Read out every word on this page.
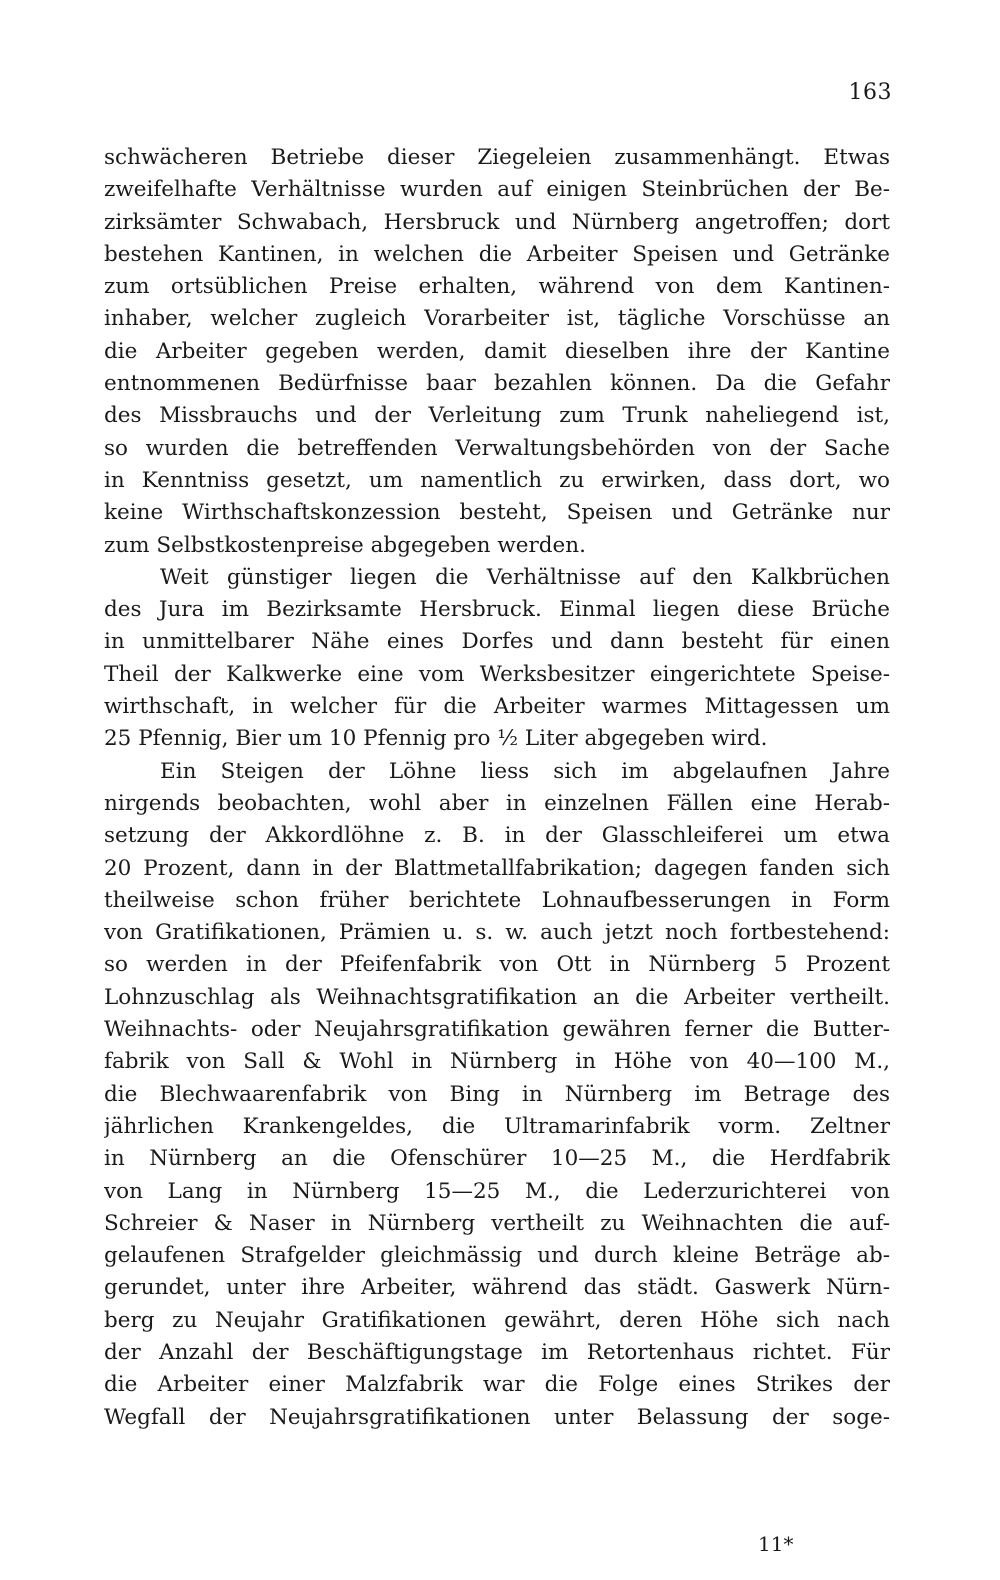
163
schwächeren Betriebe dieser Ziegeleien zusammenhängt. Etwas
zweifelhafte Verhältnisse wurden auf einigen Steinbrüchen der Be-
zirksämter Schwabach, Hersbruck und Nürnberg angetroffen; dort
bestehen Kantinen, in welchen die Arbeiter Speisen und Getränke
zum ortsüblichen Preise erhalten, während von dem Kantinen-
inhaber, welcher zugleich Vorarbeiter ist, tägliche Vorschüsse an
die Arbeiter gegeben werden, damit dieselben ihre der Kantine
entnommenen Bedürfnisse baar bezahlen können. Da die Gefahr
des Missbrauchs und der Verleitung zum Trunk naheliegend ist,
so wurden die betreffenden Verwaltungsbehörden von der Sache
in Kenntniss gesetzt, um namentlich zu erwirken, dass dort, wo
keine Wirthschaftskonzession besteht, Speisen und Getränke nur
zum Selbstkostenpreise abgegeben werden.
Weit günstiger liegen die Verhältnisse auf den Kalkbrüchen
des Jura im Bezirksamte Hersbruck. Einmal liegen diese Brüche
in unmittelbarer Nähe eines Dorfes und dann besteht für einen
Theil der Kalkwerke eine vom Werksbesitzer eingerichtete Speise-
wirthschaft, in welcher für die Arbeiter warmes Mittagessen um
25 Pfennig, Bier um 10 Pfennig pro ½ Liter abgegeben wird.
Ein Steigen der Löhne liess sich im abgelaufnen Jahre
nirgends beobachten, wohl aber in einzelnen Fällen eine Herab-
setzung der Akkordlöhne z. B. in der Glasschleiferei um etwa
20 Prozent, dann in der Blattmetallfabrikation; dagegen fanden sich
theilweise schon früher berichtete Lohnaufbesserungen in Form
von Gratifikationen, Prämien u. s. w. auch jetzt noch fortbestehend:
so werden in der Pfeifenfabrik von Ott in Nürnberg 5 Prozent
Lohnzuschlag als Weihnachtsgratifikation an die Arbeiter vertheilt.
Weihnachts- oder Neujahrsgratifikation gewähren ferner die Butter-
fabrik von Sall & Wohl in Nürnberg in Höhe von 40—100 M.,
die Blechwaarenfabrik von Bing in Nürnberg im Betrage des
jährlichen Krankengeldes, die Ultramarinfabrik vorm. Zeltner
in Nürnberg an die Ofenschürer 10—25 M., die Herdfabrik
von Lang in Nürnberg 15—25 M., die Lederzurichterei von
Schreier & Naser in Nürnberg vertheilt zu Weihnachten die auf-
gelaufenen Strafgelder gleichmässig und durch kleine Beträge ab-
gerundet, unter ihre Arbeiter, während das städt. Gaswerk Nürn-
berg zu Neujahr Gratifikationen gewährt, deren Höhe sich nach
der Anzahl der Beschäftigungstage im Retortenhaus richtet. Für
die Arbeiter einer Malzfabrik war die Folge eines Strikes der
Wegfall der Neujahrsgratifikationen unter Belassung der soge-
11*
